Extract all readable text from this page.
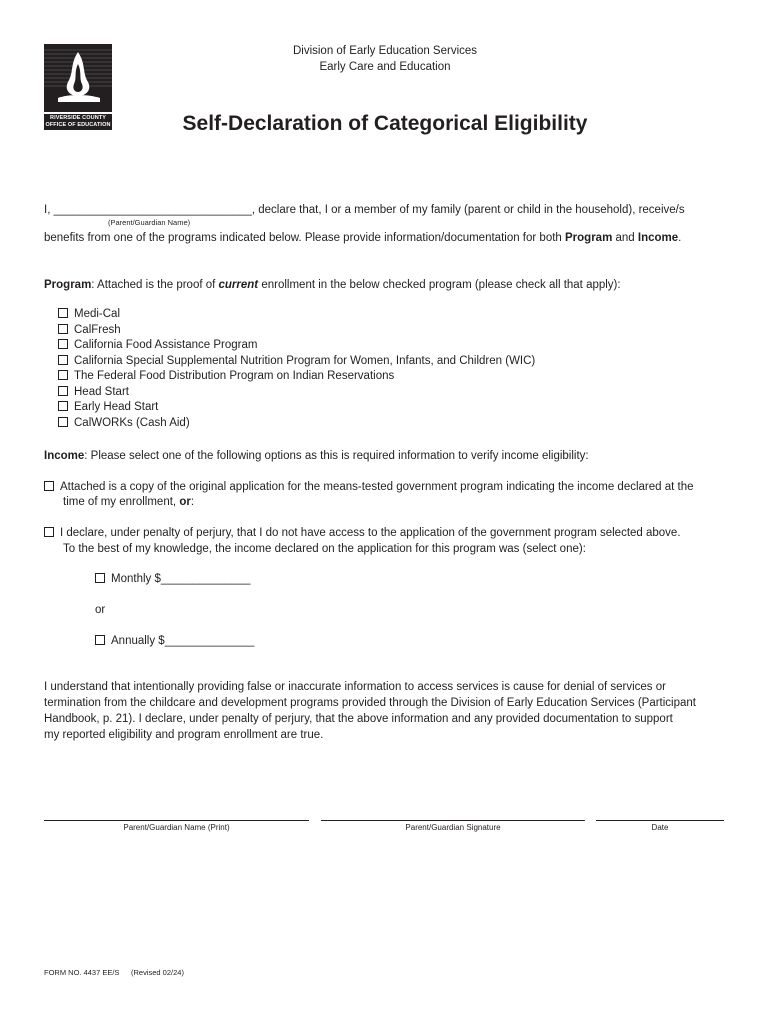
RIVERSIDE COUNTY
OFFICE OF EDUCATION
Division of Early Education Services
Early Care and Education
Self-Declaration of Categorical Eligibility
I, _______________________________, declare that, I or a member of my family (parent or child in the household), receive/s
(Parent/Guardian Name)
benefits from one of the programs indicated below. Please provide information/documentation for both Program and Income.
Program: Attached is the proof of current enrollment in the below checked program (please check all that apply):
Medi-Cal
CalFresh
California Food Assistance Program
California Special Supplemental Nutrition Program for Women, Infants, and Children (WIC)
The Federal Food Distribution Program on Indian Reservations
Head Start
Early Head Start
CalWORKs (Cash Aid)
Income: Please select one of the following options as this is required information to verify income eligibility:
Attached is a copy of the original application for the means-tested government program indicating the income declared at the
time of my enrollment, or:
I declare, under penalty of perjury, that I do not have access to the application of the government program selected above.
To the best of my knowledge, the income declared on the application for this program was (select one):
Monthly $______________
or
Annually $______________
I understand that intentionally providing false or inaccurate information to access services is cause for denial of services or
termination from the childcare and development programs provided through the Division of Early Education Services (Participant
Handbook, p. 21). I declare, under penalty of perjury, that the above information and any provided documentation to support
my reported eligibility and program enrollment are true.
Parent/Guardian Name (Print)	Parent/Guardian Signature	Date
FORM NO. 4437 EE/S (Revised 02/24)
